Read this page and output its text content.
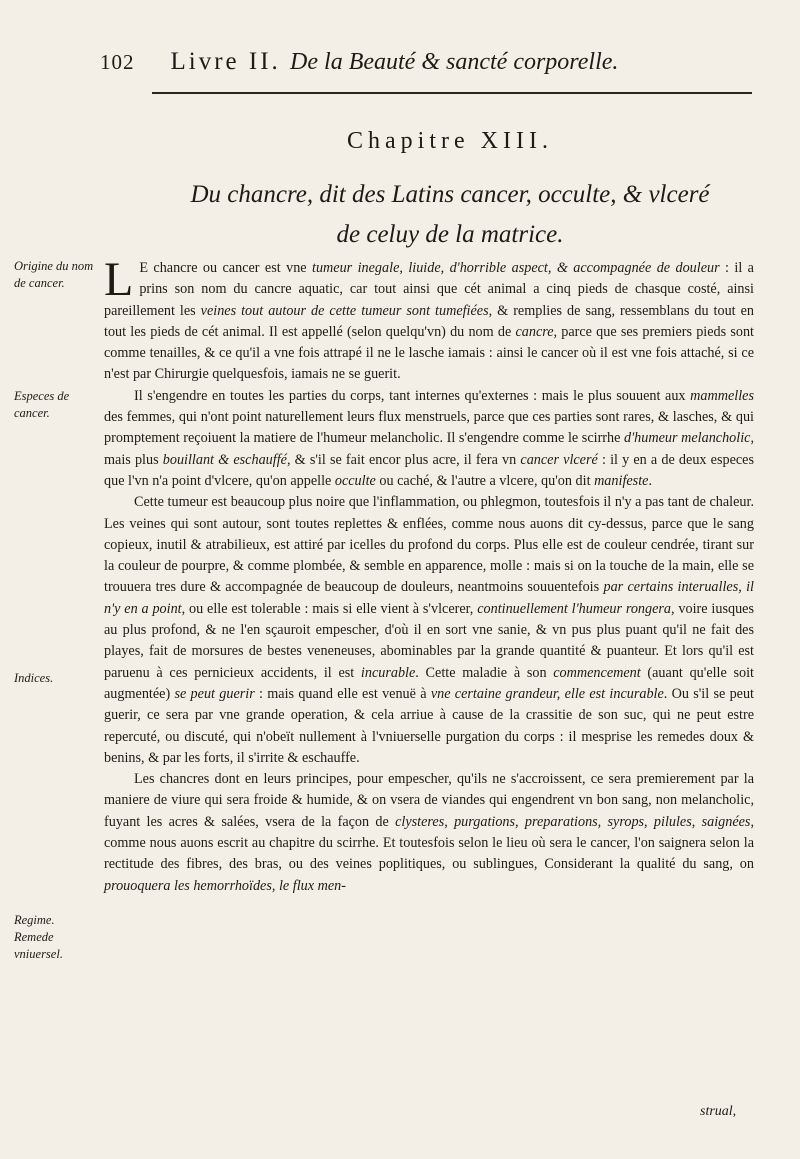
102 Livre II. De la Beauté & sancté corporelle.
Chapitre XIII.
Du chancre, dit des Latins cancer, occulte, & vlceré
de celuy de la matrice.
Origine du nom de cancer.
Especes de cancer.
Indices.
Regime. Remede vniuersel.

L E chancre ou cancer est vne tumeur inegale, liuide, d'horrible aspect, & accompagnée de douleur : il a prins son nom du cancre aquatic, car tout ainsi que cét animal a cinq pieds de chasque costé, ainsi pareillement les veines tout autour de cette tumeur sont tumefiées, & remplies de sang, ressemblans du tout en tout les pieds de cét animal. Il est appellé (selon quelqu'vn) du nom de cancre, parce que ses premiers pieds sont comme tenailles, & ce qu'il a vne fois attrapé il ne le lasche iamais : ainsi le cancer où il est vne fois attaché, si ce n'est par Chirurgie quelquesfois, iamais ne se guerit.

Il s'engendre en toutes les parties du corps, tant internes qu'externes : mais le plus souuent aux mammelles des femmes, qui n'ont point naturellement leurs flux menstruels, parce que ces parties sont rares, & lasches, & qui promptement reçoiuent la matiere de l'humeur melancholic. Il s'engendre comme le scirrhe d'humeur melancholic, mais plus bouillant & eschauffé, & s'il se fait encor plus acre, il fera vn cancer vlceré : il y en a de deux especes que l'vn n'a point d'vlcere, qu'on appelle occulte ou caché, & l'autre a vlcere, qu'on dit manifeste.

Cette tumeur est beaucoup plus noire que l'inflammation, ou phlegmon, toutesfois il n'y a pas tant de chaleur. Les veines qui sont autour, sont toutes replettes & enflées, comme nous auons dit cy-dessus, parce que le sang copieux, inutil & atrabilieux, est attiré par icelles du profond du corps. Plus elle est de couleur cendrée, tirant sur la couleur de pourpre, & comme plombée, & semble en apparence, molle : mais si on la touche de la main, elle se trouuera tres dure & accompagnée de beaucoup de douleurs, neantmoins souuentefois par certains interualles, il n'y en a point, ou elle est tolerable : mais si elle vient à s'vlcerer, continuellement l'humeur rongera, voire iusques au plus profond, & ne l'en sçauroit empescher, d'où il en sort vne sanie, & vn pus plus puant qu'il ne fait des playes, fait de morsures de bestes veneneuses, abominables par la grande quantité & puanteur. Et lors qu'il est paruenu à ces pernicieux accidents, il est incurable. Cette maladie à son commencement (auant qu'elle soit augmentée) se peut guerir : mais quand elle est venuë à vne certaine grandeur, elle est incurable. Ou s'il se peut guerir, ce sera par vne grande operation, & cela arriue à cause de la crassitie de son suc, qui ne peut estre repercuté, ou discuté, qui n'obeït nullement à l'vniuerselle purgation du corps : il mesprise les remedes doux & benins, & par les forts, il s'irrite & eschauffe.

Les chancres dont en leurs principes, pour empescher, qu'ils ne s'accroissent, ce sera premierement par la maniere de viure qui sera froide & humide, & on vsera de viandes qui engendrent vn bon sang, non melancholic, fuyant les acres & salées, vsera de la façon de clysteres, purgations, preparations, syrops, pilules, saignées, comme nous auons escrit au chapitre du scirrhe. Et toutesfois selon le lieu où sera le cancer, l'on saignera selon la rectitude des fibres, des bras, ou des veines poplitiques, ou sublingues, Considerant la qualité du sang, on prouoquera les hemorrhoïdes, le flux men-

strual,
